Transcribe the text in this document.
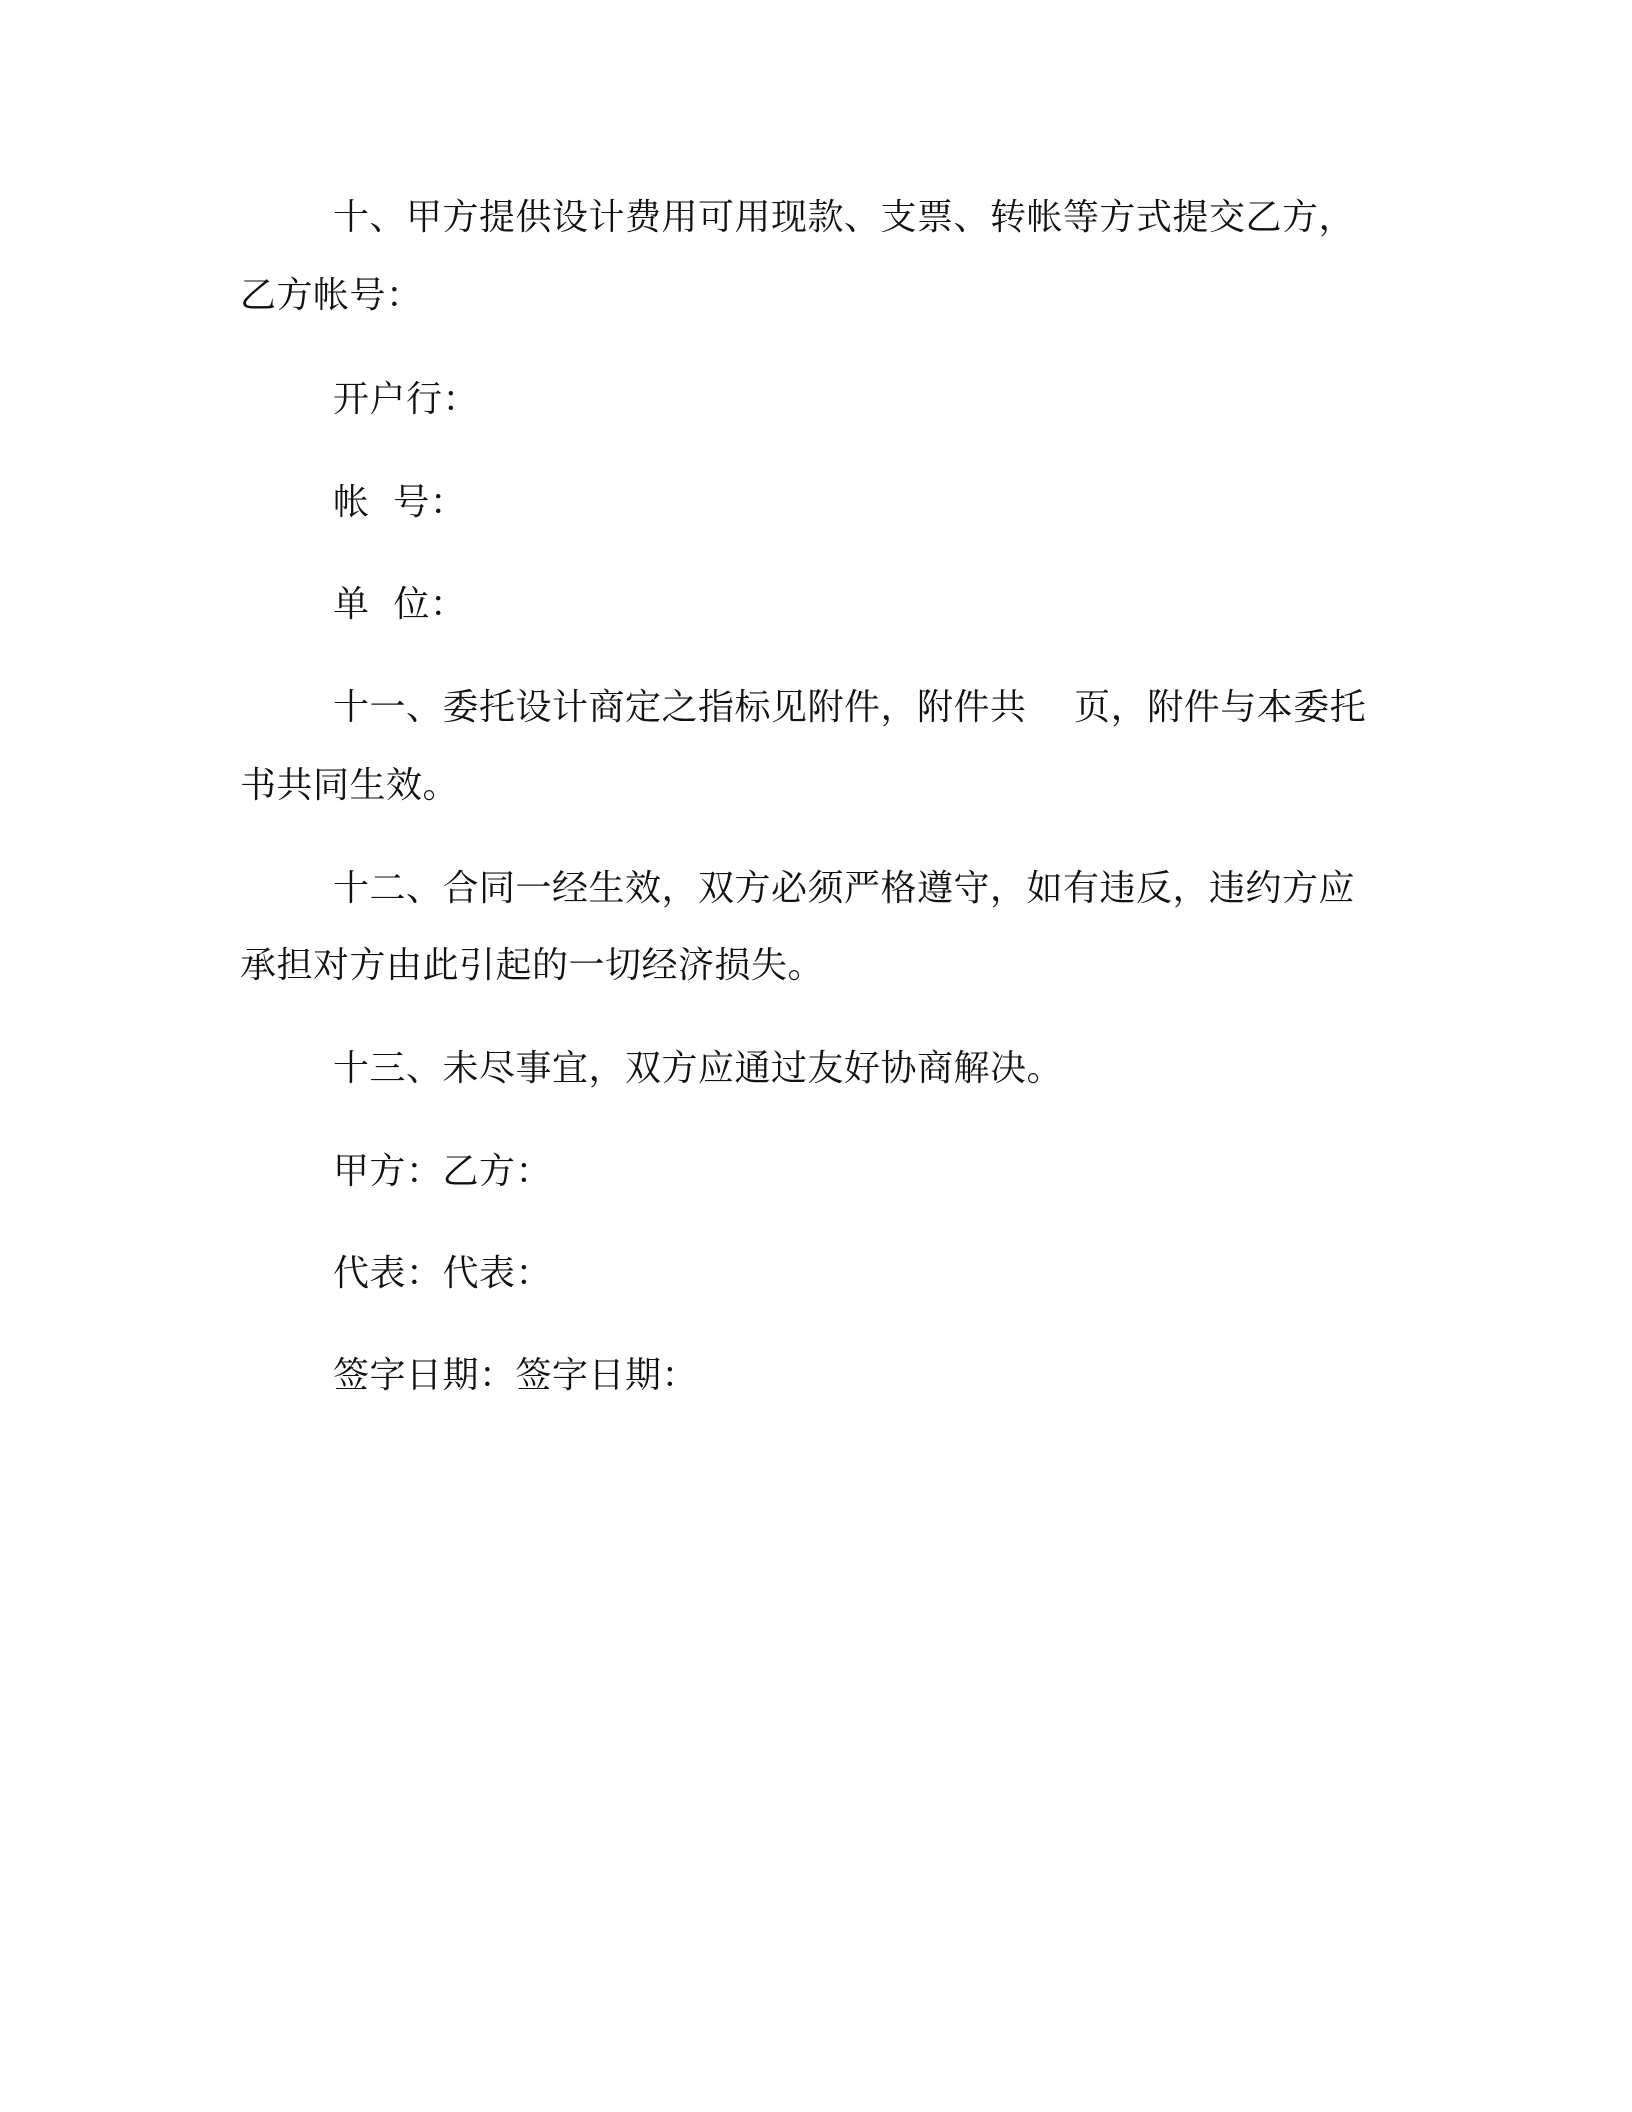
十、甲方提供设计费用可用现款、支票、转帐等方式提交乙方，
乙方帐号：
开户行：
帐  号：
单  位：
十一、委托设计商定之指标见附件，附件共    页，附件与本委托
书共同生效。
十二、合同一经生效，双方必须严格遵守，如有违反，违约方应
承担对方由此引起的一切经济损失。
十三、未尽事宜，双方应通过友好协商解决。
甲方：乙方：
代表：代表：
签字日期：签字日期：
